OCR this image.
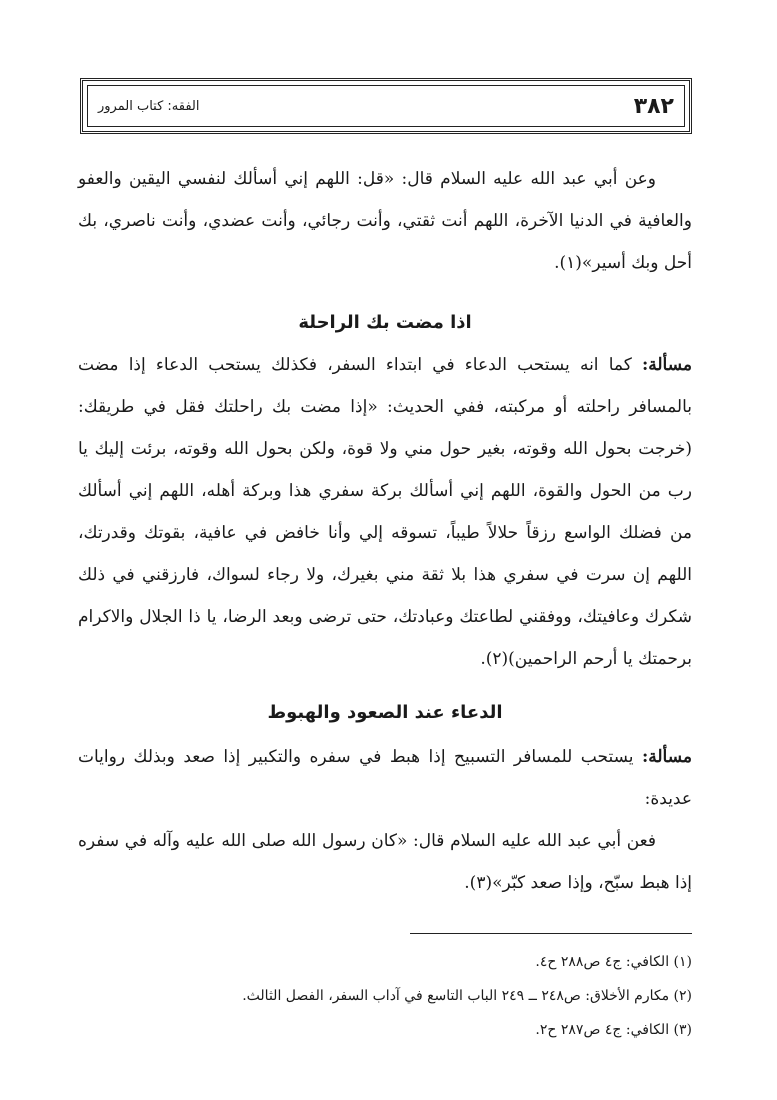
الفقه: كتاب المرور	٣٨٢

وعن أبي عبد الله عليه السلام قال: «قل: اللهم إني أسألك لنفسي اليقين والعفو والعافية في الدنيا الآخرة، اللهم أنت ثقتي، وأنت رجائي، وأنت عضدي، وأنت ناصري، بك أحل وبك أسير»(١).

اذا مضت بك الراحلة

مسألة: كما انه يستحب الدعاء في ابتداء السفر، فكذلك يستحب الدعاء إذا مضت بالمسافر راحلته أو مركبته، ففي الحديث: «إذا مضت بك راحلتك فقل في طريقك: (خرجت بحول الله وقوته، بغير حول مني ولا قوة، ولكن بحول الله وقوته، برئت إليك يا رب من الحول والقوة، اللهم إني أسألك بركة سفري هذا وبركة أهله، اللهم إني أسألك من فضلك الواسع رزقاً حلالاً طيباً، تسوقه إلي وأنا خافض في عافية، بقوتك وقدرتك، اللهم إن سرت في سفري هذا بلا ثقة مني بغيرك، ولا رجاء لسواك، فارزقني في ذلك شكرك وعافيتك، ووفقني لطاعتك وعبادتك، حتى ترضى وبعد الرضا، يا ذا الجلال والاكرام برحمتك يا أرحم الراحمين)(٢).

الدعاء عند الصعود والهبوط

مسألة: يستحب للمسافر التسبيح إذا هبط في سفره والتكبير إذا صعد وبذلك روايات عديدة:

فعن أبي عبد الله عليه السلام قال: «كان رسول الله صلى الله عليه وآله في سفره إذا هبط سبّح، وإذا صعد كبّر»(٣).

(١) الكافي: ج٤ ص٢٨٨ ح٤.

(٢) مكارم الأخلاق: ص٢٤٨ ــ ٢٤٩ الباب التاسع في آداب السفر، الفصل الثالث.

(٣) الكافي: ج٤ ص٢٨٧ ح٢.
